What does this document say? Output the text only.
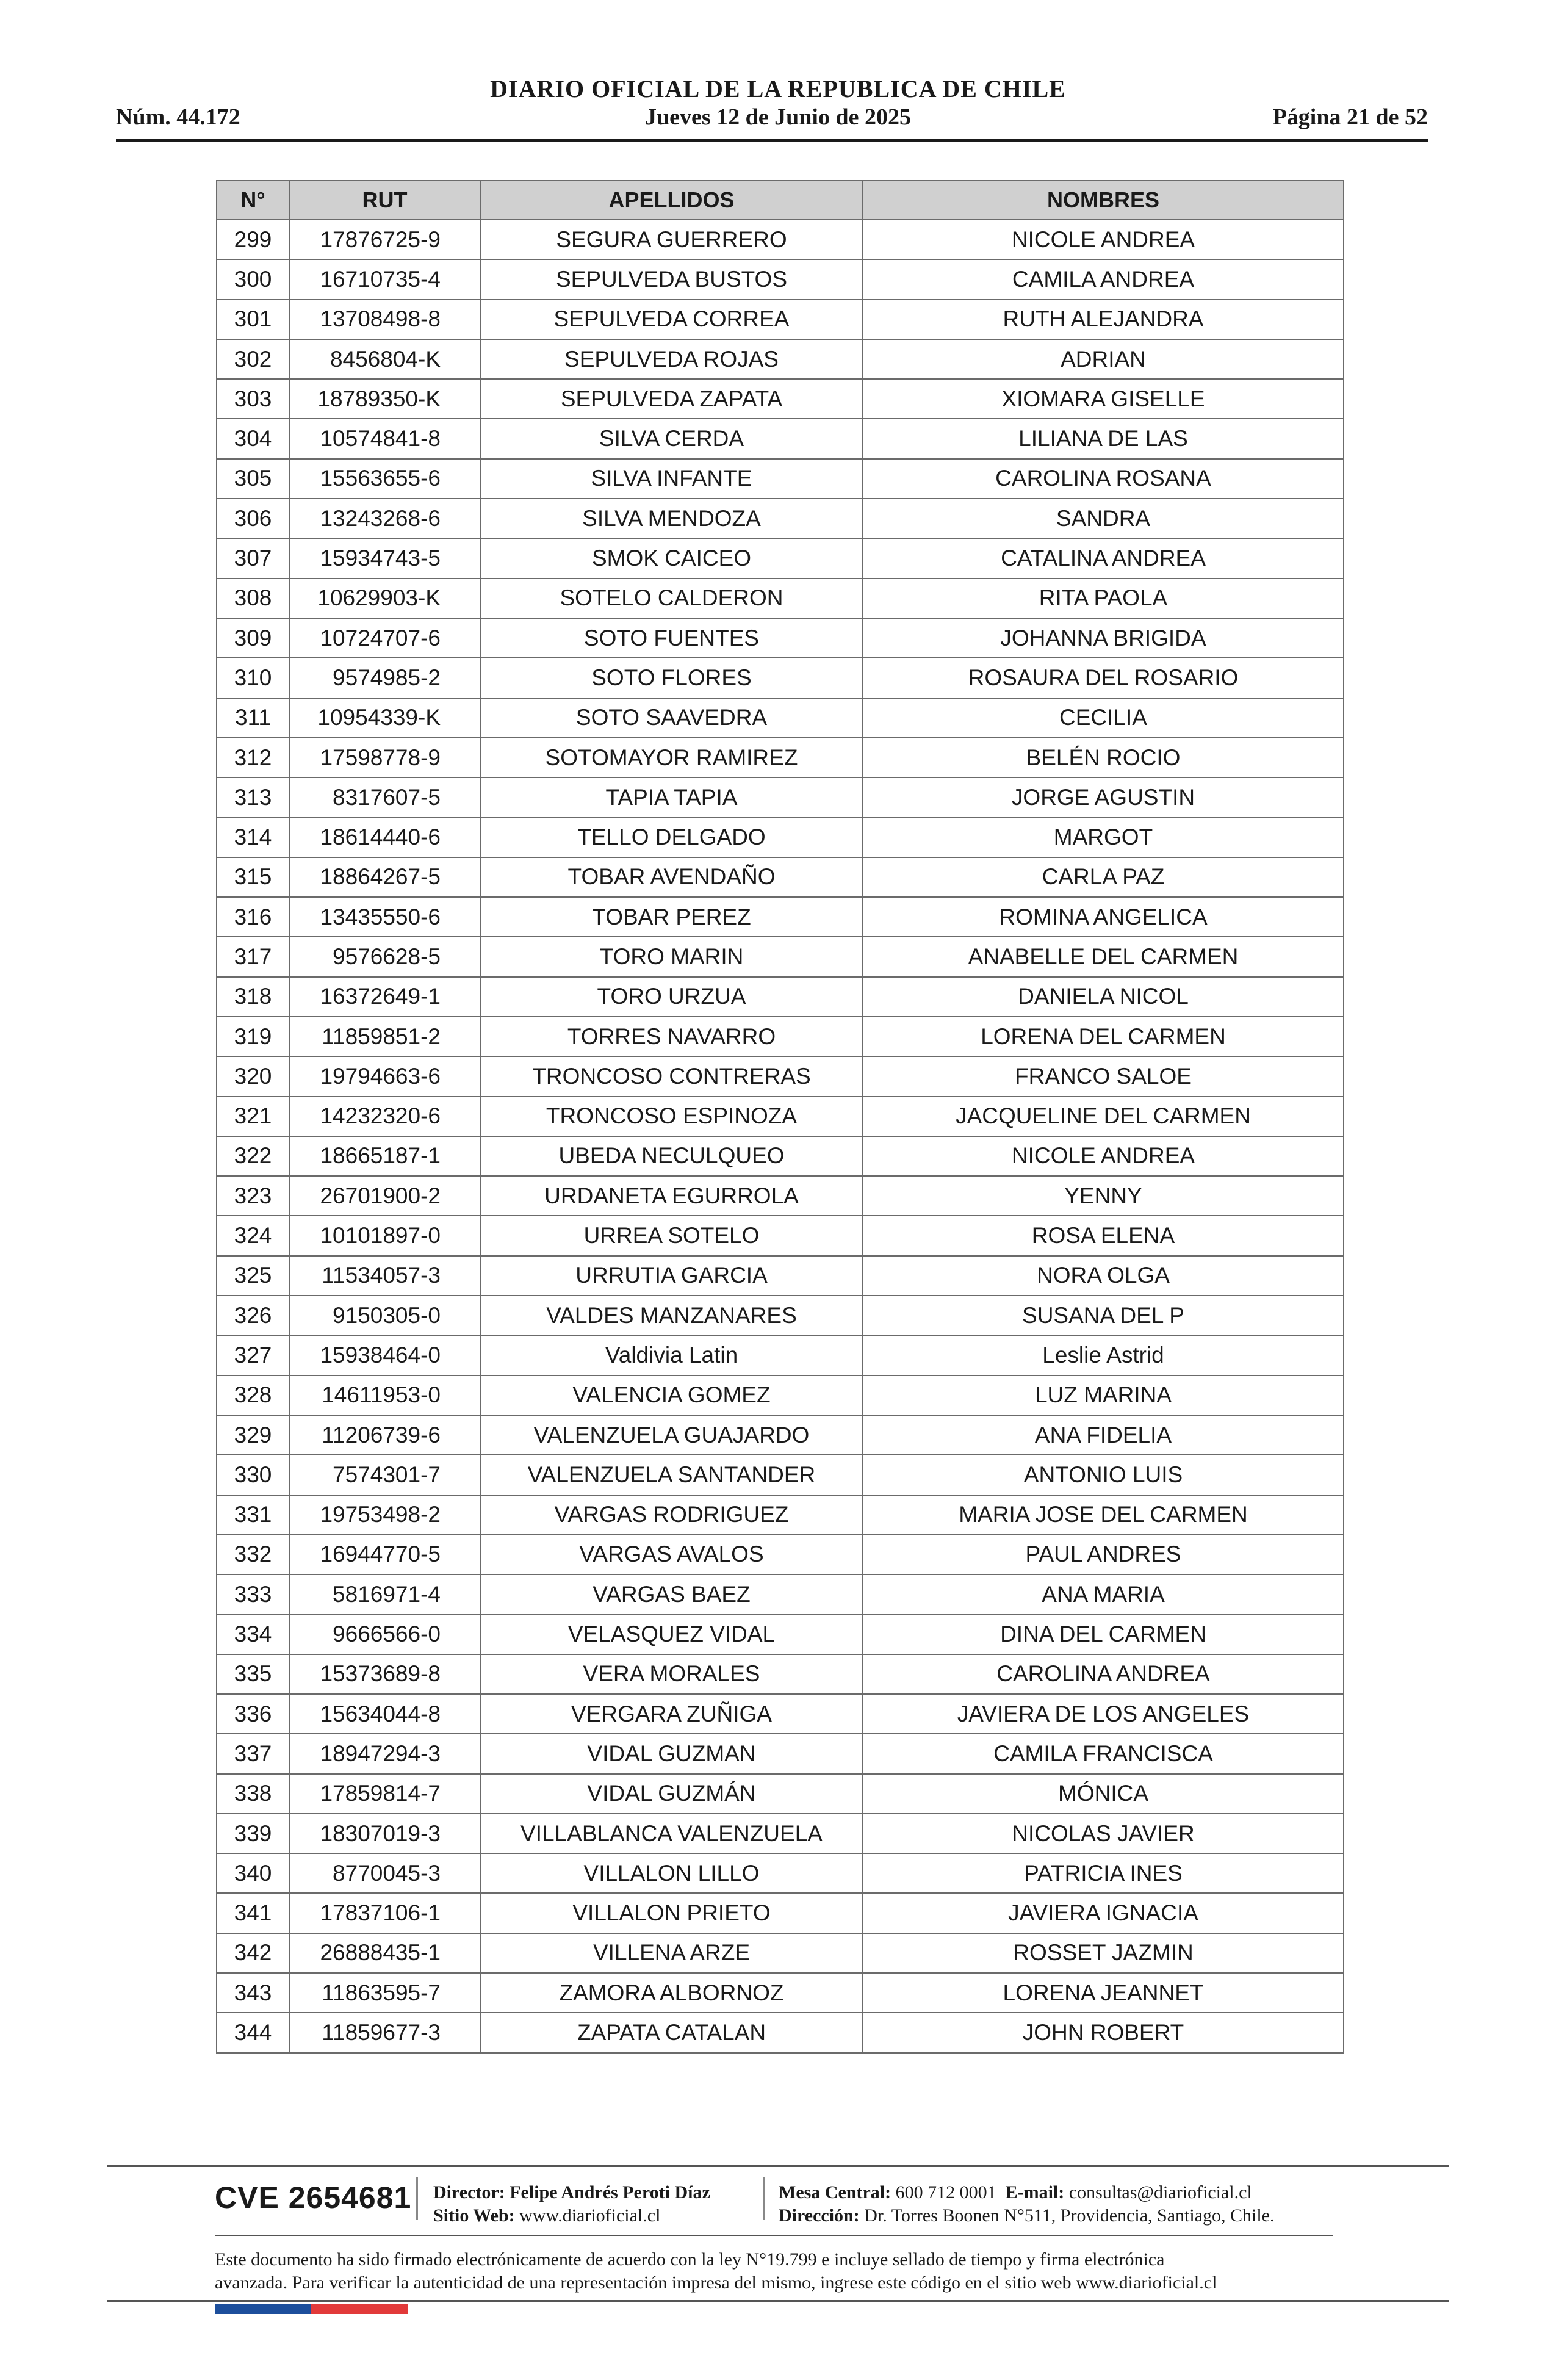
DIARIO OFICIAL DE LA REPUBLICA DE CHILE
Núm. 44.172	Jueves 12 de Junio de 2025	Página 21 de 52
N°	RUT	APELLIDOS	NOMBRES
299	17876725-9	SEGURA GUERRERO	NICOLE ANDREA
300	16710735-4	SEPULVEDA BUSTOS	CAMILA ANDREA
301	13708498-8	SEPULVEDA CORREA	RUTH ALEJANDRA
302	8456804-K	SEPULVEDA ROJAS	ADRIAN
303	18789350-K	SEPULVEDA ZAPATA	XIOMARA GISELLE
304	10574841-8	SILVA CERDA	LILIANA DE LAS
305	15563655-6	SILVA INFANTE	CAROLINA ROSANA
306	13243268-6	SILVA MENDOZA	SANDRA
307	15934743-5	SMOK CAICEO	CATALINA ANDREA
308	10629903-K	SOTELO CALDERON	RITA PAOLA
309	10724707-6	SOTO FUENTES	JOHANNA BRIGIDA
310	9574985-2	SOTO FLORES	ROSAURA DEL ROSARIO
311	10954339-K	SOTO SAAVEDRA	CECILIA
312	17598778-9	SOTOMAYOR RAMIREZ	BELÉN ROCIO
313	8317607-5	TAPIA TAPIA	JORGE AGUSTIN
314	18614440-6	TELLO DELGADO	MARGOT
315	18864267-5	TOBAR AVENDAÑO	CARLA PAZ
316	13435550-6	TOBAR PEREZ	ROMINA ANGELICA
317	9576628-5	TORO MARIN	ANABELLE DEL CARMEN
318	16372649-1	TORO URZUA	DANIELA NICOL
319	11859851-2	TORRES NAVARRO	LORENA DEL CARMEN
320	19794663-6	TRONCOSO CONTRERAS	FRANCO SALOE
321	14232320-6	TRONCOSO ESPINOZA	JACQUELINE DEL CARMEN
322	18665187-1	UBEDA NECULQUEO	NICOLE ANDREA
323	26701900-2	URDANETA EGURROLA	YENNY
324	10101897-0	URREA SOTELO	ROSA ELENA
325	11534057-3	URRUTIA GARCIA	NORA OLGA
326	9150305-0	VALDES MANZANARES	SUSANA DEL P
327	15938464-0	Valdivia Latin	Leslie Astrid
328	14611953-0	VALENCIA GOMEZ	LUZ MARINA
329	11206739-6	VALENZUELA GUAJARDO	ANA FIDELIA
330	7574301-7	VALENZUELA SANTANDER	ANTONIO LUIS
331	19753498-2	VARGAS RODRIGUEZ	MARIA JOSE DEL CARMEN
332	16944770-5	VARGAS AVALOS	PAUL ANDRES
333	5816971-4	VARGAS BAEZ	ANA MARIA
334	9666566-0	VELASQUEZ VIDAL	DINA DEL CARMEN
335	15373689-8	VERA MORALES	CAROLINA ANDREA
336	15634044-8	VERGARA ZUÑIGA	JAVIERA DE LOS ANGELES
337	18947294-3	VIDAL GUZMAN	CAMILA FRANCISCA
338	17859814-7	VIDAL GUZMÁN	MÓNICA
339	18307019-3	VILLABLANCA VALENZUELA	NICOLAS JAVIER
340	8770045-3	VILLALON LILLO	PATRICIA INES
341	17837106-1	VILLALON PRIETO	JAVIERA IGNACIA
342	26888435-1	VILLENA ARZE	ROSSET JAZMIN
343	11863595-7	ZAMORA ALBORNOZ	LORENA JEANNET
344	11859677-3	ZAPATA CATALAN	JOHN ROBERT
CVE 2654681 Director: Felipe Andrés Peroti Díaz
Sitio Web: www.diarioficial.cl
Mesa Central: 600 712 0001 E-mail: consultas@diarioficial.cl
Dirección: Dr. Torres Boonen N°511, Providencia, Santiago, Chile.
Este documento ha sido firmado electrónicamente de acuerdo con la ley N°19.799 e incluye sellado de tiempo y firma electrónica
avanzada. Para verificar la autenticidad de una representación impresa del mismo, ingrese este código en el sitio web www.diarioficial.cl
